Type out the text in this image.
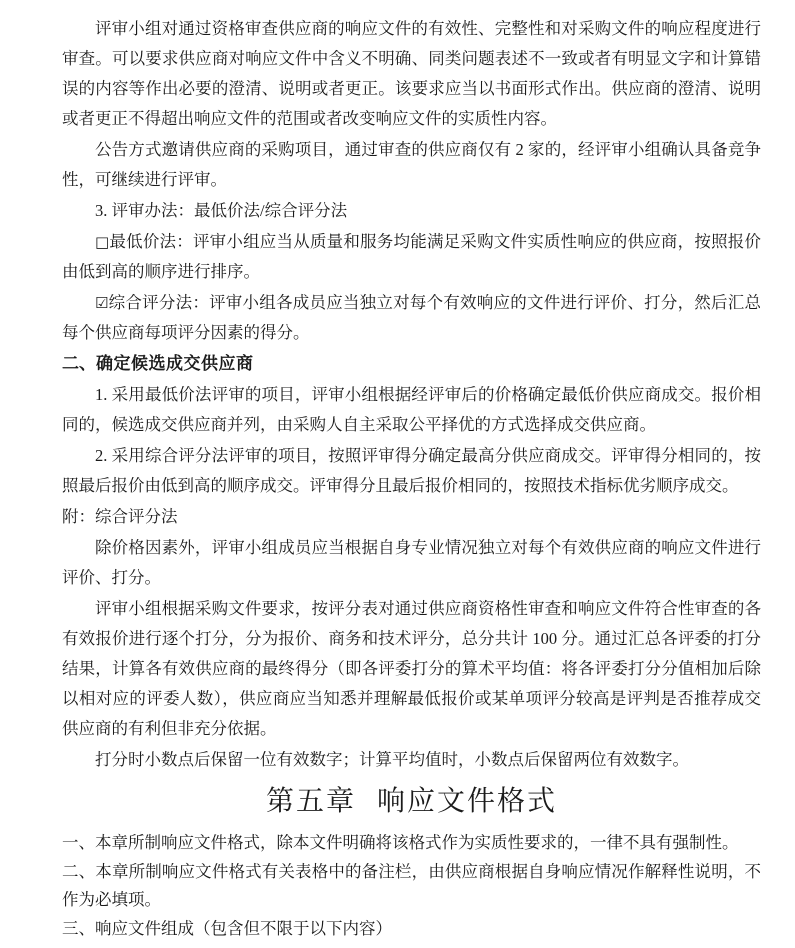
评审小组对通过资格审查供应商的响应文件的有效性、完整性和对采购文件的响应程度进行审查。可以要求供应商对响应文件中含义不明确、同类问题表述不一致或者有明显文字和计算错误的内容等作出必要的澄清、说明或者更正。该要求应当以书面形式作出。供应商的澄清、说明或者更正不得超出响应文件的范围或者改变响应文件的实质性内容。

公告方式邀请供应商的采购项目，通过审查的供应商仅有 2 家的，经评审小组确认具备竞争性，可继续进行评审。

3. 评审办法：最低价法/综合评分法

□最低价法：评审小组应当从质量和服务均能满足采购文件实质性响应的供应商，按照报价由低到高的顺序进行排序。

☑综合评分法：评审小组各成员应当独立对每个有效响应的文件进行评价、打分，然后汇总每个供应商每项评分因素的得分。

二、确定候选成交供应商

1. 采用最低价法评审的项目，评审小组根据经评审后的价格确定最低价供应商成交。报价相同的，候选成交供应商并列，由采购人自主采取公平择优的方式选择成交供应商。

2. 采用综合评分法评审的项目，按照评审得分确定最高分供应商成交。评审得分相同的，按照最后报价由低到高的顺序成交。评审得分且最后报价相同的，按照技术指标优劣顺序成交。

附：综合评分法

除价格因素外，评审小组成员应当根据自身专业情况独立对每个有效供应商的响应文件进行评价、打分。

评审小组根据采购文件要求，按评分表对通过供应商资格性审查和响应文件符合性审查的各有效报价进行逐个打分，分为报价、商务和技术评分，总分共计 100 分。通过汇总各评委的打分结果，计算各有效供应商的最终得分（即各评委打分的算术平均值：将各评委打分分值相加后除以相对应的评委人数），供应商应当知悉并理解最低报价或某单项评分较高是评判是否推荐成交供应商的有利但非充分依据。

打分时小数点后保留一位有效数字；计算平均值时，小数点后保留两位有效数字。

第五章 响应文件格式

一、本章所制响应文件格式，除本文件明确将该格式作为实质性要求的，一律不具有强制性。

二、本章所制响应文件格式有关表格中的备注栏，由供应商根据自身响应情况作解释性说明，不作为必填项。

三、响应文件组成（包含但不限于以下内容）
